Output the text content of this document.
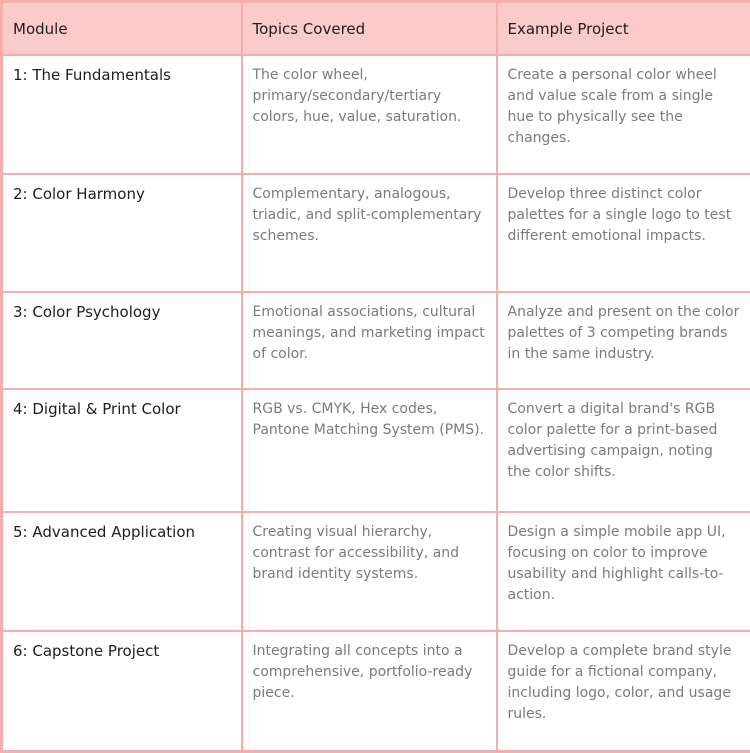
Module	Topics Covered	Example Project
1: The Fundamentals	The color wheel, primary/secondary/tertiary colors, hue, value, saturation.	Create a personal color wheel and value scale from a single hue to physically see the changes.
2: Color Harmony	Complementary, analogous, triadic, and split-complementary schemes.	Develop three distinct color palettes for a single logo to test different emotional impacts.
3: Color Psychology	Emotional associations, cultural meanings, and marketing impact of color.	Analyze and present on the color palettes of 3 competing brands in the same industry.
4: Digital & Print Color	RGB vs. CMYK, Hex codes, Pantone Matching System (PMS).	Convert a digital brand's RGB color palette for a print-based advertising campaign, noting the color shifts.
5: Advanced Application	Creating visual hierarchy, contrast for accessibility, and brand identity systems.	Design a simple mobile app UI, focusing on color to improve usability and highlight calls-to-action.
6: Capstone Project	Integrating all concepts into a comprehensive, portfolio-ready piece.	Develop a complete brand style guide for a fictional company, including logo, color, and usage rules.
